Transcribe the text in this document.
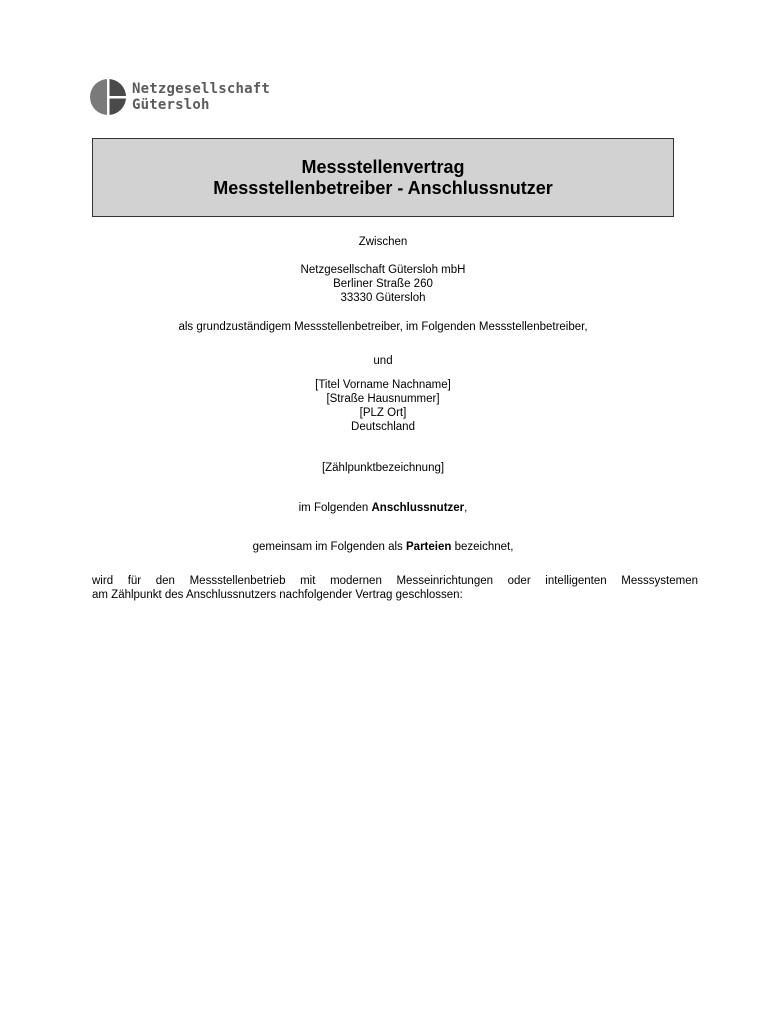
Netzgesellschaft
Gütersloh
Messstellenvertrag
Messstellenbetreiber - Anschlussnutzer
Zwischen
Netzgesellschaft Gütersloh mbH
Berliner Straße 260
33330 Gütersloh
als grundzuständigem Messstellenbetreiber, im Folgenden Messstellenbetreiber,
und
[Titel Vorname Nachname]
[Straße Hausnummer]
[PLZ Ort]
Deutschland
[Zählpunktbezeichnung]
im Folgenden Anschlussnutzer,
gemeinsam im Folgenden als Parteien bezeichnet,
wird für den Messstellenbetrieb mit modernen Messeinrichtungen oder intelligenten Messsystemen
am Zählpunkt des Anschlussnutzers nachfolgender Vertrag geschlossen:
